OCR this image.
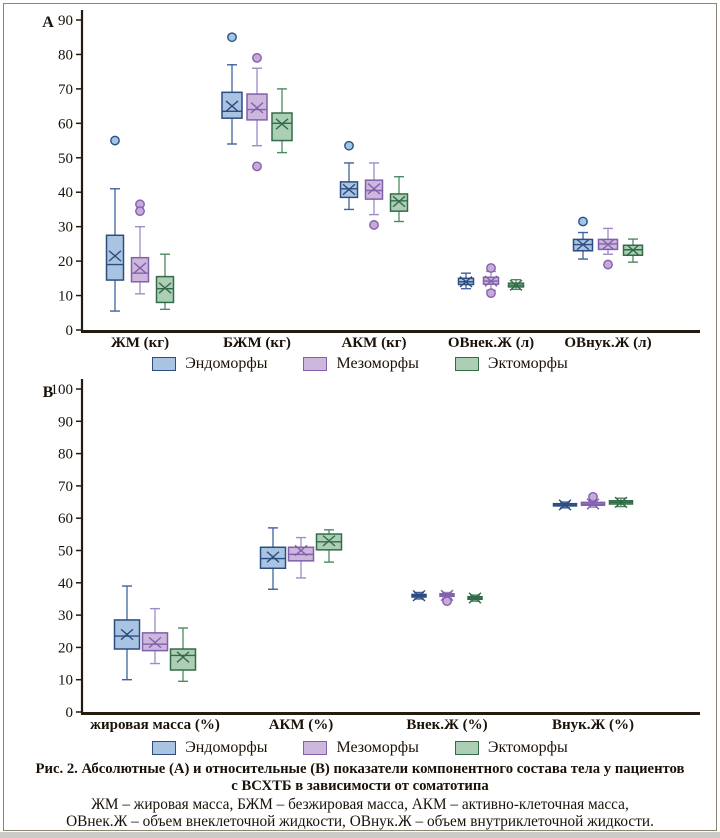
0
10
20
30
40
50
60
70
80
90
A
ЖМ (кг)	БЖМ (кг)	АКМ (кг)	ОВнек.Ж (л) ОВнук.Ж (л)
0
10
20
30
40
50
60
70
80
90
100
B
жировая масса (%)	АКМ (%)	Внек.Ж (%)	Внук.Ж (%)
Эндоморфы	Мезоморфы	Эктоморфы
Эндоморфы	Мезоморфы	Эктоморфы
Рис. 2. Абсолютные (А) и относительные (В) показатели компонентного состава тела у пациентов
с ВСХТБ в зависимости от соматотипа
ЖМ – жировая масса, БЖМ – безжировая масса, АКМ – активно-клеточная масса,
ОВнек.Ж – объем внеклеточной жидкости, ОВнук.Ж – объем внутриклеточной жидкости.
